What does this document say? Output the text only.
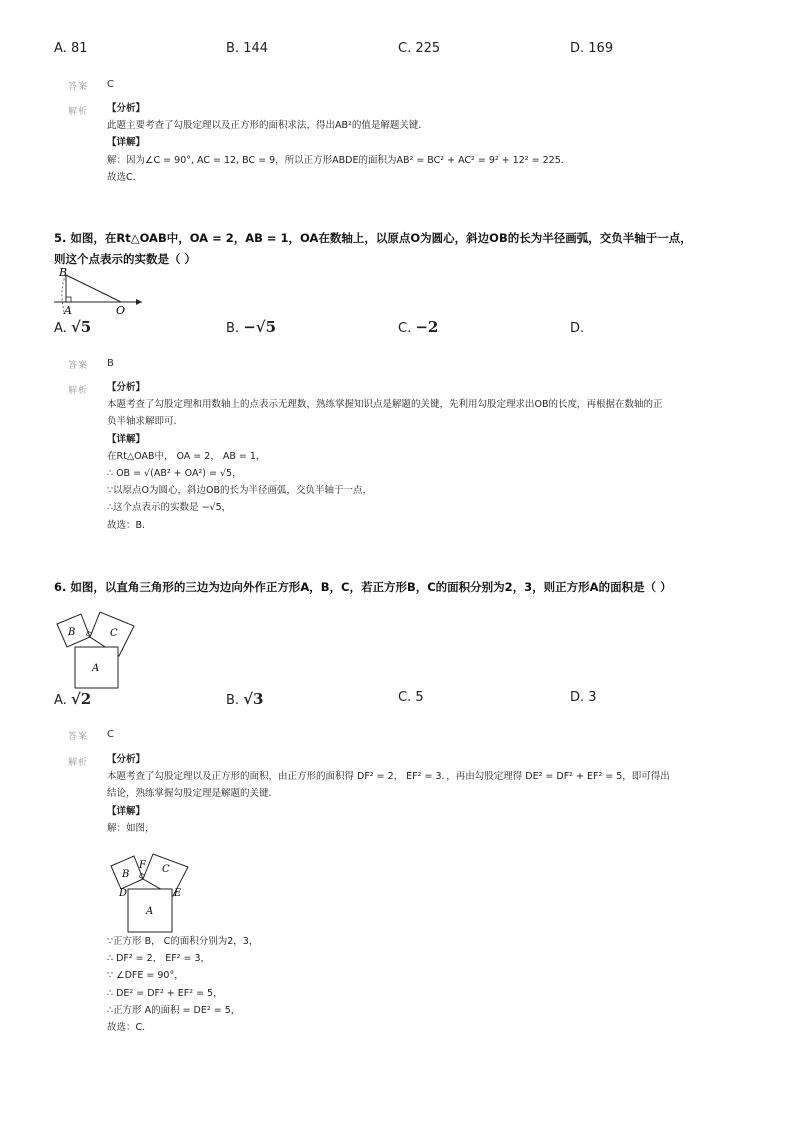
A. 81	B. 144	C. 225	D. 169
答案 C
解析 【分析】
此题主要考查了勾股定理以及正方形的面积求法，得出AB²的值是解题关键．
【详解】
解：因为∠C = 90°, AC = 12, BC = 9，所以正方形ABDE的面积为AB² = BC² + AC² = 9² + 12² = 225．
故选C.
5. 如图，在Rt△OAB中，OA = 2，AB = 1，OA在数轴上，以原点O为圆心，斜边OB的长为半径画弧，交负半轴于一点，
则这个点表示的实数是（ ）
B
A	O
A. √5	B. −√5	C. −2	D.
答案 B
解析 【分析】
本题考查了勾股定理和用数轴上的点表示无理数，熟练掌握知识点是解题的关键，先利用勾股定理求出OB的长度，再根据在数轴的正
负半轴求解即可.
【详解】
在Rt△OAB中， OA = 2， AB = 1，
∴ OB = √(AB² + OA²) = √5，
∵以原点O为圆心，斜边OB的长为半径画弧，交负半轴于一点，
∴这个点表示的实数是 −√5，
故选：B.
6. 如图，以直角三角形的三边为边向外作正方形A，B，C，若正方形B，C的面积分别为2，3，则正方形A的面积是（ ）
B	C
A
A. √2	B. √3	C. 5	D. 3
答案 C
解析 【分析】
本题考查了勾股定理以及正方形的面积，由正方形的面积得 DF² = 2， EF² = 3．，再由勾股定理得 DE² = DF² + EF² = 5，即可得出
结论，熟练掌握勾股定理是解题的关键．
【详解】
解：如图，
B	C
F
D	E
A
∵正方形 B， C的面积分别为2，3，
∴ DF² = 2， EF² = 3，
∵ ∠DFE = 90°，
∴ DE² = DF² + EF² = 5，
∴正方形 A的面积 = DE² = 5，
故选：C.
